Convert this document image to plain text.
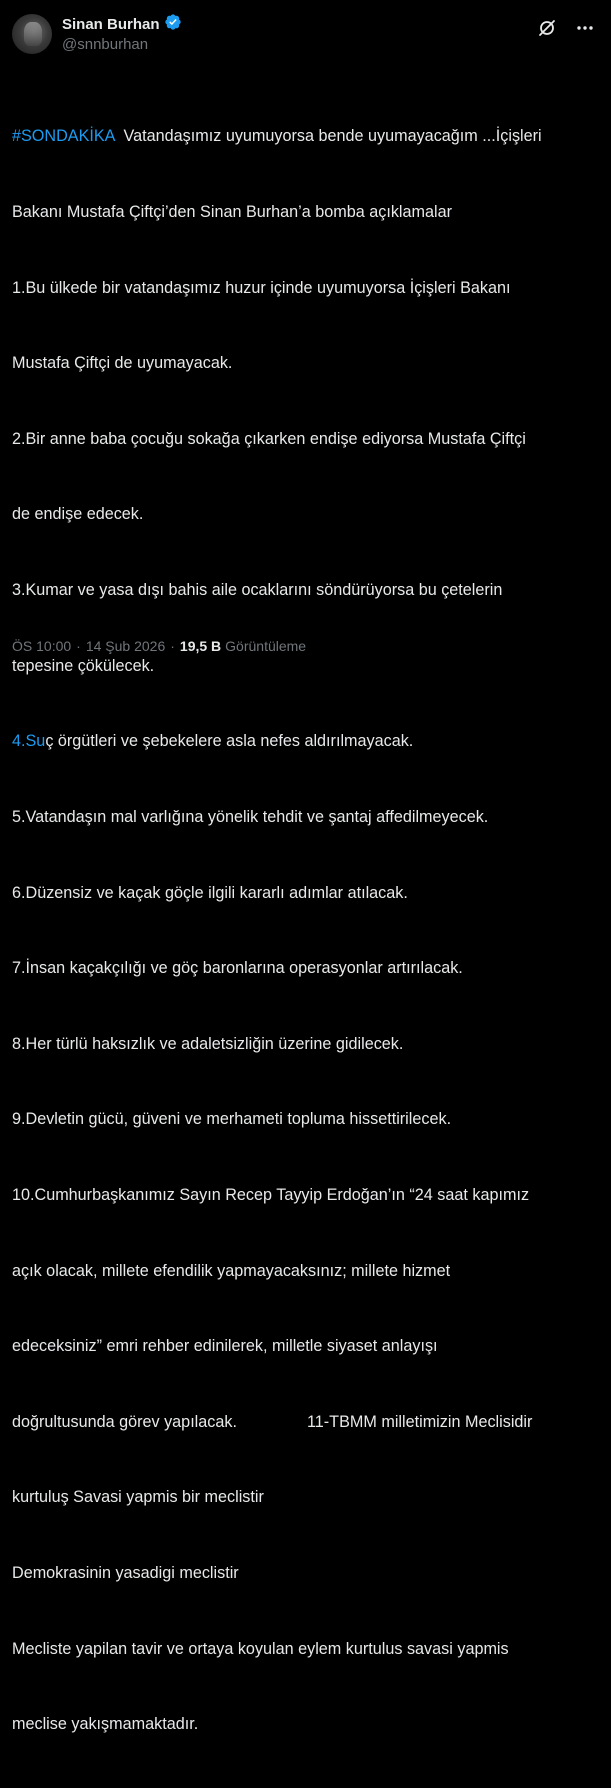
Sinan Burhan
@snnburhan

#SONDAKİKA  Vatandaşımız uyumuyorsa bende uyumayacağım ...İçişleri

Bakanı Mustafa Çiftçi’den Sinan Burhan’a bomba açıklamalar

1.Bu ülkede bir vatandaşımız huzur içinde uyumuyorsa İçişleri Bakanı

Mustafa Çiftçi de uyumayacak.

2.Bir anne baba çocuğu sokağa çıkarken endişe ediyorsa Mustafa Çiftçi

de endişe edecek.

3.Kumar ve yasa dışı bahis aile ocaklarını söndürüyorsa bu çetelerin

tepesine çökülecek.

4.Suç örgütleri ve şebekelere asla nefes aldırılmayacak.

5.Vatandaşın mal varlığına yönelik tehdit ve şantaj affedilmeyecek.

6.Düzensiz ve kaçak göçle ilgili kararlı adımlar atılacak.

7.İnsan kaçakçılığı ve göç baronlarına operasyonlar artırılacak.

8.Her türlü haksızlık ve adaletsizliğin üzerine gidilecek.

9.Devletin gücü, güveni ve merhameti topluma hissettirilecek.

10.Cumhurbaşkanımız Sayın Recep Tayyip Erdoğan’ın “24 saat kapımız

açık olacak, millete efendilik yapmayacaksınız; millete hizmet

edeceksiniz” emri rehber edinilerek, milletle siyaset anlayışı

doğrultusunda görev yapılacak.	11-TBMM milletimizin Meclisidir

kurtuluş Savasi yapmis bir meclistir

Demokrasinin yasadigi meclistir

Mecliste yapilan tavir ve ortaya koyulan eylem kurtulus savasi yapmis

meclise yakışmamaktadır.

ÖS 10:00 · 14 Şub 2026 · 19,5 B Görüntüleme
